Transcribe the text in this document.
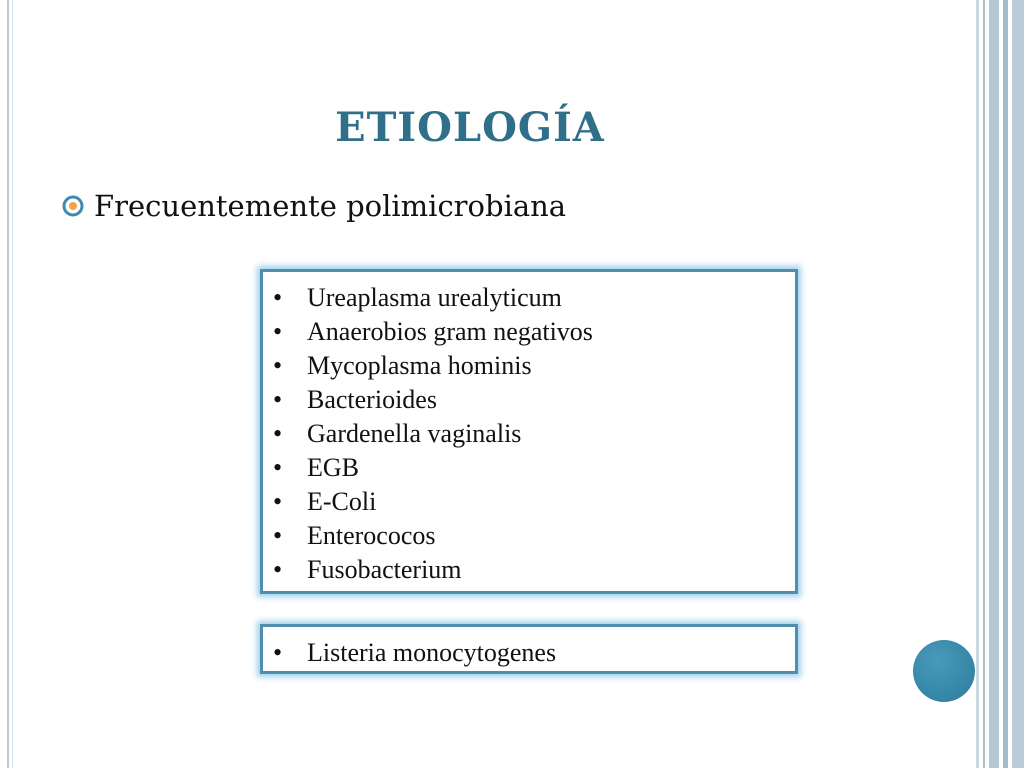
ETIOLOGÍA
Frecuentemente polimicrobiana
• Ureaplasma urealyticum
• Anaerobios gram negativos
• Mycoplasma hominis
• Bacterioides
• Gardenella vaginalis
• EGB
• E-Coli
• Enterococos
• Fusobacterium
• Listeria monocytogenes
